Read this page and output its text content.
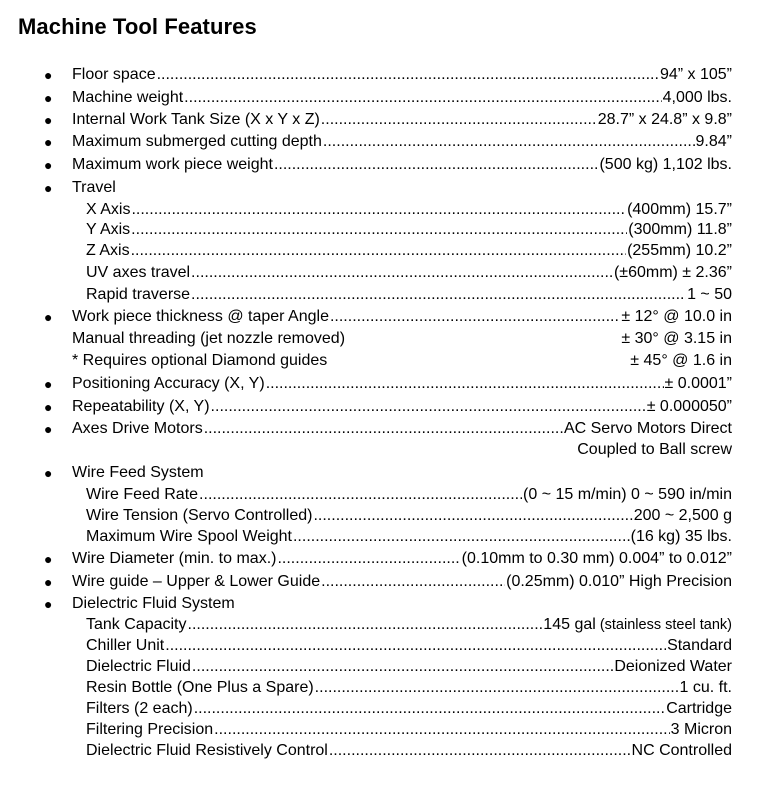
Machine Tool Features
● Floor space .....	94” x 105”
● Machine weight .....	4,000 lbs.
● Internal Work Tank Size (X x Y x Z) .....	28.7” x 24.8” x 9.8”
● Maximum submerged cutting depth .....	9.84”
● Maximum work piece weight .....	(500 kg) 1,102 lbs.
● Travel
X Axis .....	(400mm) 15.7”
Y Axis .....	(300mm) 11.8”
Z Axis .....	(255mm) 10.2”
UV axes travel .....	(±60mm) ± 2.36”
Rapid traverse .....	1 ~ 50
● Work piece thickness @ taper Angle .....	± 12° @ 10.0 in
Manual threading (jet nozzle removed)	± 30° @ 3.15 in
* Requires optional Diamond guides	± 45° @ 1.6 in
● Positioning Accuracy (X, Y) .....	± 0.0001”
● Repeatability (X, Y) .....	± 0.000050”
● Axes Drive Motors .....	AC Servo Motors Direct
Coupled to Ball screw
● Wire Feed System
Wire Feed Rate .....	(0 ~ 15 m/min) 0 ~ 590 in/min
Wire Tension (Servo Controlled) .....	200 ~ 2,500 g
Maximum Wire Spool Weight .....	(16 kg) 35 lbs.
● Wire Diameter (min. to max.) .....	(0.10mm to 0.30 mm) 0.004” to 0.012”
● Wire guide – Upper & Lower Guide .....	(0.25mm) 0.010” High Precision
● Dielectric Fluid System
Tank Capacity .....	145 gal (stainless steel tank)
Chiller Unit .....	Standard
Dielectric Fluid .....	Deionized Water
Resin Bottle (One Plus a Spare) .....	1 cu. ft.
Filters (2 each) .....	Cartridge
Filtering Precision .....	3 Micron
Dielectric Fluid Resistively Control .....	NC Controlled
